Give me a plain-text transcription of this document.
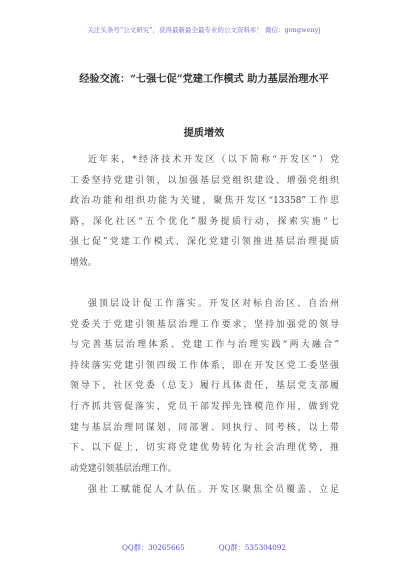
关注头条号“公文研究”，获得最新最全最专业的公文资料库！ 微信：gongwenyj
经验交流：“七强七促”党建工作模式 助力基层治理水平
提质增效
近年来，*经济技术开发区（以下简称“开发区”）党
工委坚持党建引领，以加强基层党组织建设、增强党组织
政治功能和组织功能为关键，聚焦开发区“13358”工作思
路，深化社区“五个优化”服务提质行动，探索实施“七
强七促”党建工作模式，深化党建引领推进基层治理提质
增效。
强顶层设计促工作落实。开发区对标自治区、自治州
党委关于党建引领基层治理工作要求，坚持加强党的领导
与完善基层治理体系、党建工作与治理实践“两大融合”
持续落实党建引领四级工作体系，即在开发区党工委坚强
领导下，社区党委（总支）履行具体责任，基层党支部履
行齐抓共管促落实，党员干部发挥先锋模范作用，做到党
建与基层治理同谋划、同部署、同执行、同考核，以上带
下、以下促上，切实将党建优势转化为社会治理优势，推
动党建引领基层治理工作。
强社工赋能促人才队伍。开发区聚焦全员覆盖、立足
QQ群：30265665	QQ群：535304092
